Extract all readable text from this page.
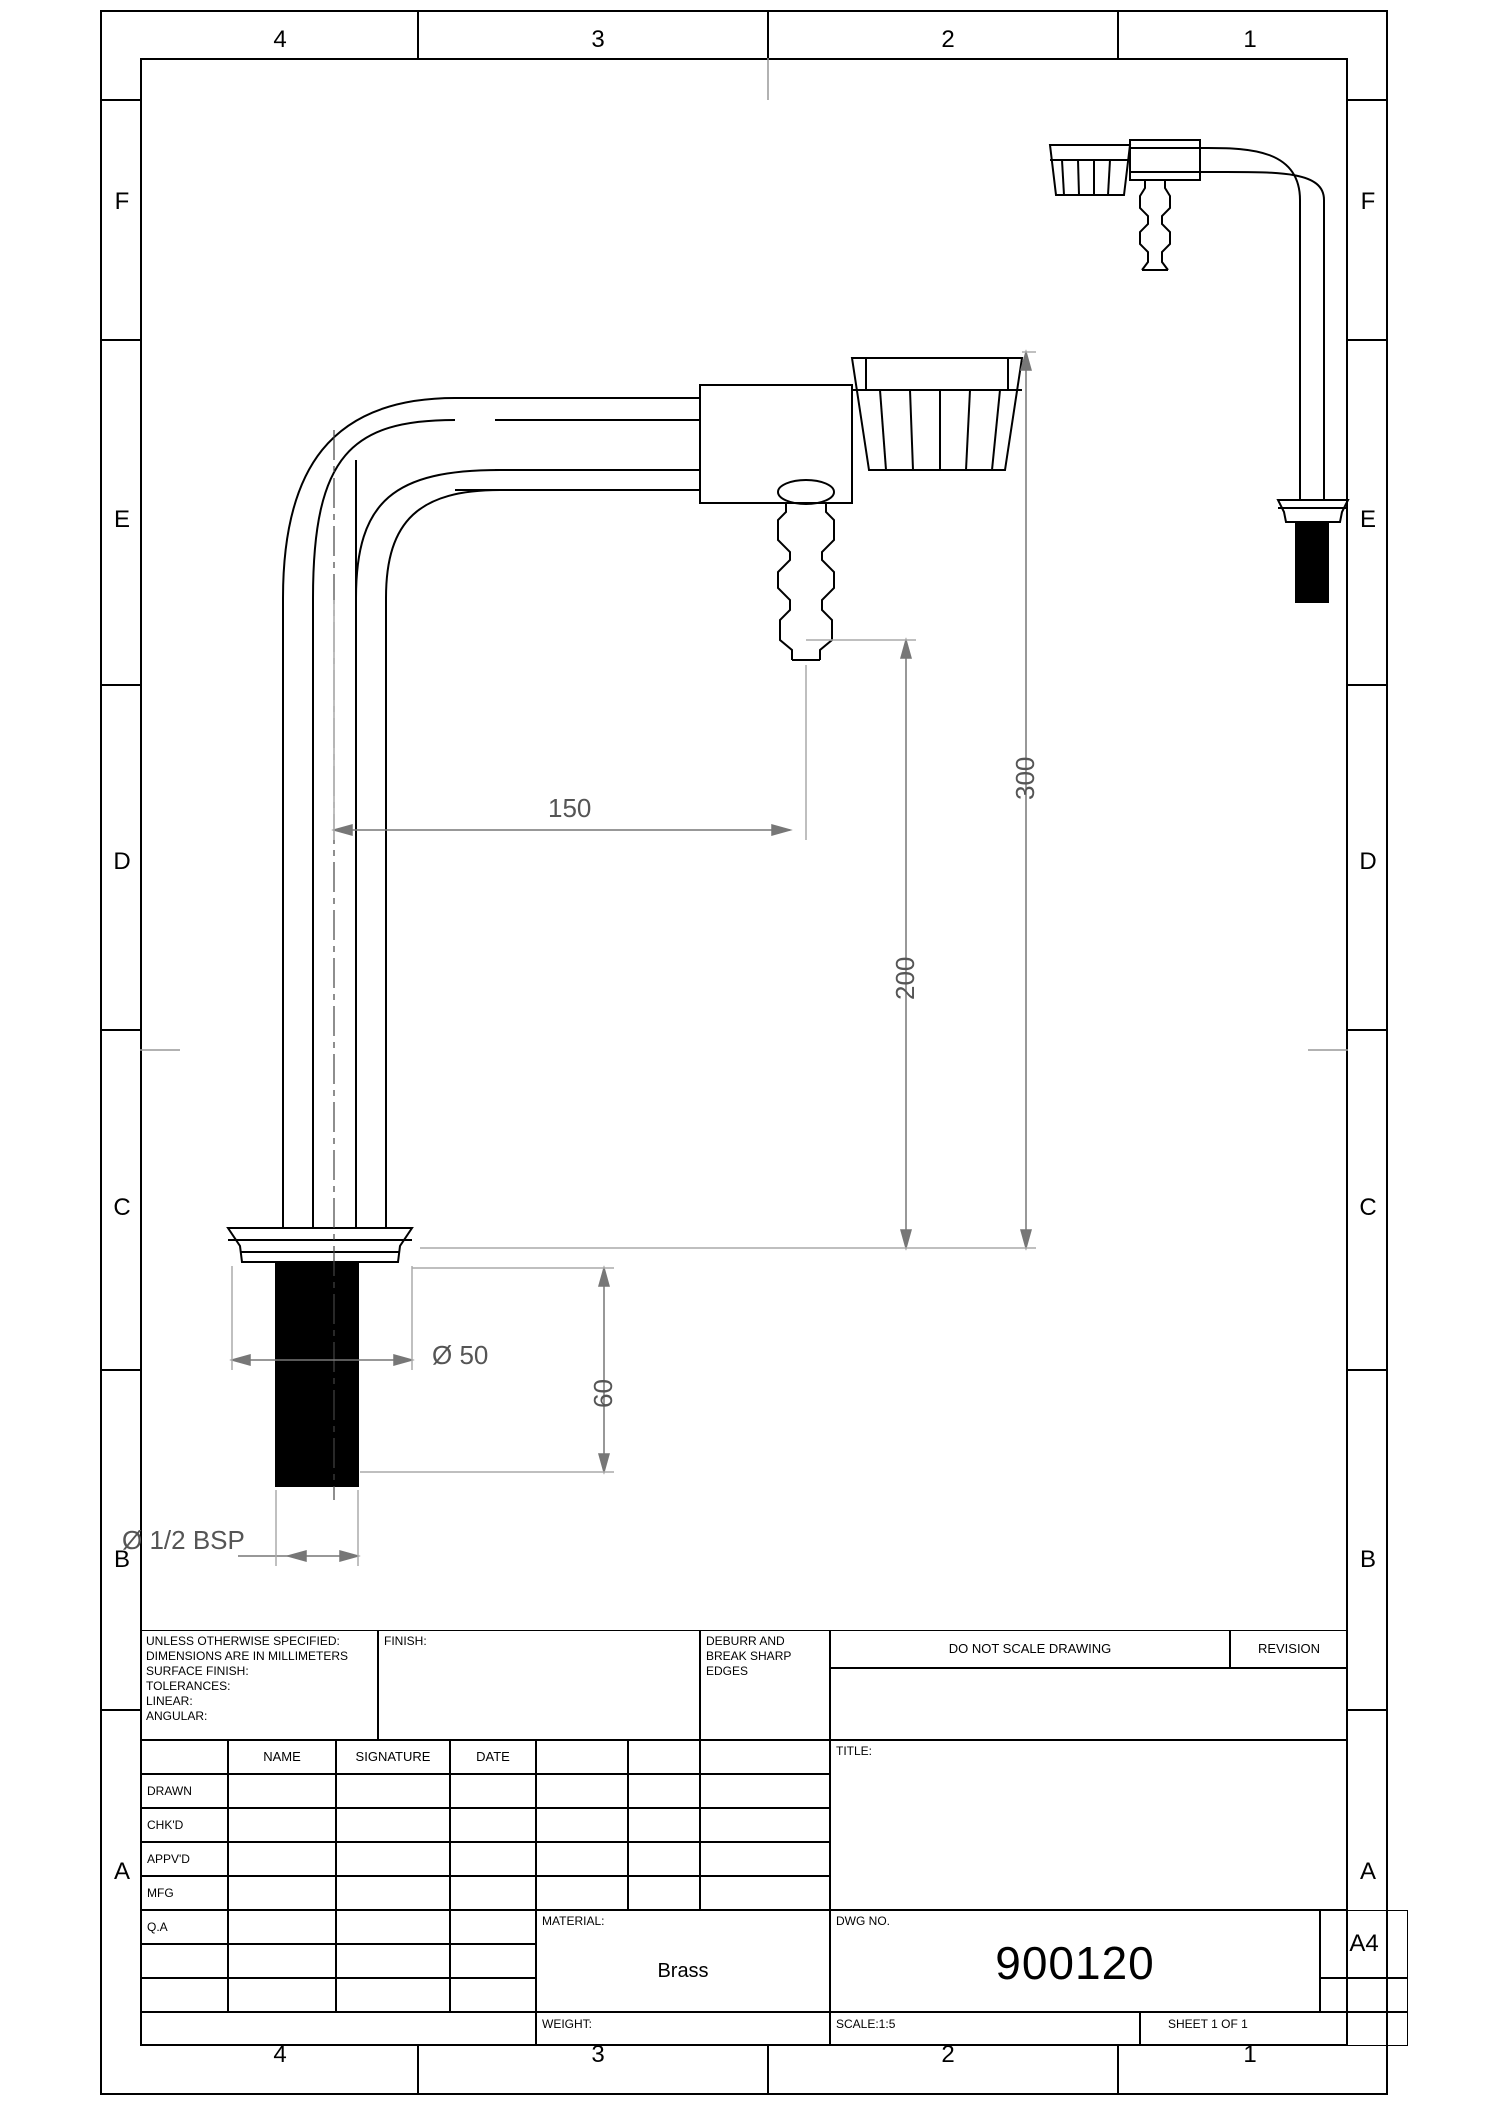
4	3	2	1
4	3	2	1
F
E
D
C
B
A
F
E
D
C
B
A
150
300
200
Ø 50
60
Ø 1/2 BSP
UNLESS OTHERWISE SPECIFIED:
DIMENSIONS ARE IN MILLIMETERS
SURFACE FINISH:
TOLERANCES:
LINEAR:
ANGULAR:
FINISH:	DEBURR AND
BREAK SHARP
EDGES
DO NOT SCALE DRAWING	REVISION
NAME	SIGNATURE	DATE
DRAWN
CHK'D
APPV'D
MFG
Q.A
TITLE:
MATERIAL:
Brass
DWG NO.
900120	A4
WEIGHT:	SCALE:1:5	SHEET 1 OF 1
